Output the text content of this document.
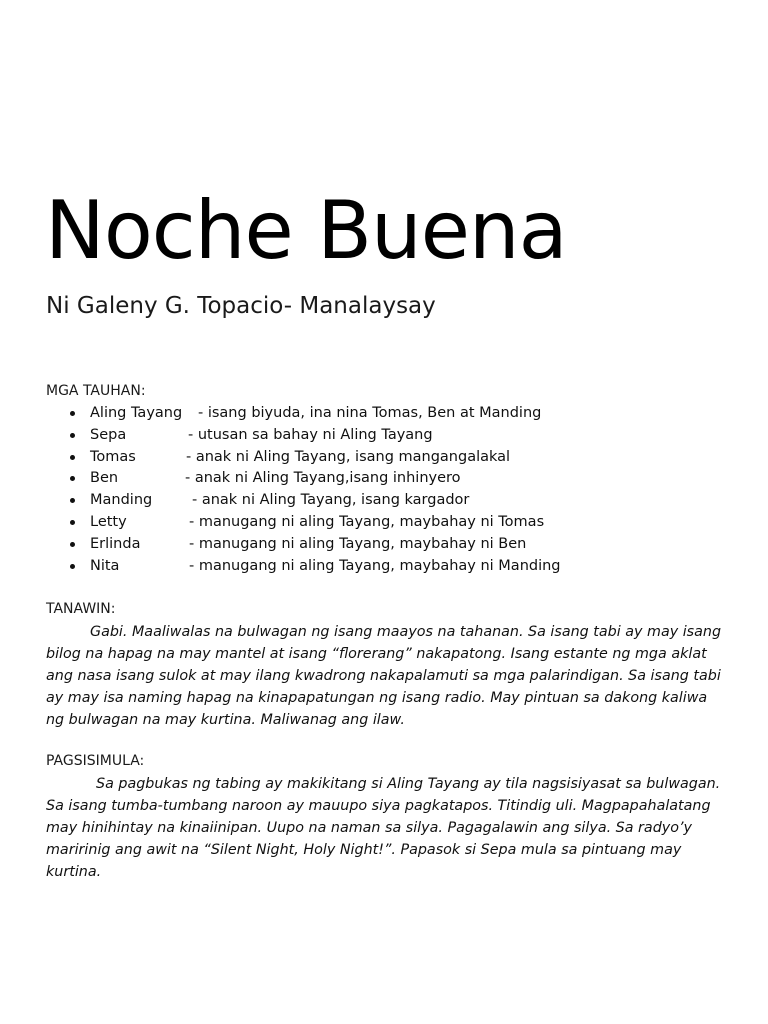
Noche Buena
Ni Galeny G. Topacio- Manalaysay
MGA TAUHAN:
Aling Tayang - isang biyuda, ina nina Tomas, Ben at Manding
Sepa	- utusan sa bahay ni Aling Tayang
Tomas	- anak ni Aling Tayang, isang mangangalakal
Ben	- anak ni Aling Tayang,isang inhinyero
Manding	- anak ni Aling Tayang, isang kargador
Letty	- manugang ni aling Tayang, maybahay ni Tomas
Erlinda	- manugang ni aling Tayang, maybahay ni Ben
Nita	- manugang ni aling Tayang, maybahay ni Manding
TANAWIN:

Gabi. Maaliwalas na bulwagan ng isang maayos na tahanan. Sa isang tabi ay may isang bilog na hapag na may mantel at isang “florerang” nakapatong. Isang estante ng mga aklat ang nasa isang sulok at may ilang kwadrong nakapalamuti sa mga palarindigan. Sa isang tabi ay may isa naming hapag na kinapapatungan ng isang radio. May pintuan sa dakong kaliwa ng bulwagan na may kurtina. Maliwanag ang ilaw.

PAGSISIMULA:

Sa pagbukas ng tabing ay makikitang si Aling Tayang ay tila nagsisiyasat sa bulwagan. Sa isang tumba-tumbang naroon ay mauupo siya pagkatapos. Titindig uli. Magpapahalatang may hinihintay na kinaiinipan. Uupo na naman sa silya. Pagagalawin ang silya. Sa radyo’y maririnig ang awit na “Silent Night, Holy Night!”. Papasok si Sepa mula sa pintuang may kurtina.
